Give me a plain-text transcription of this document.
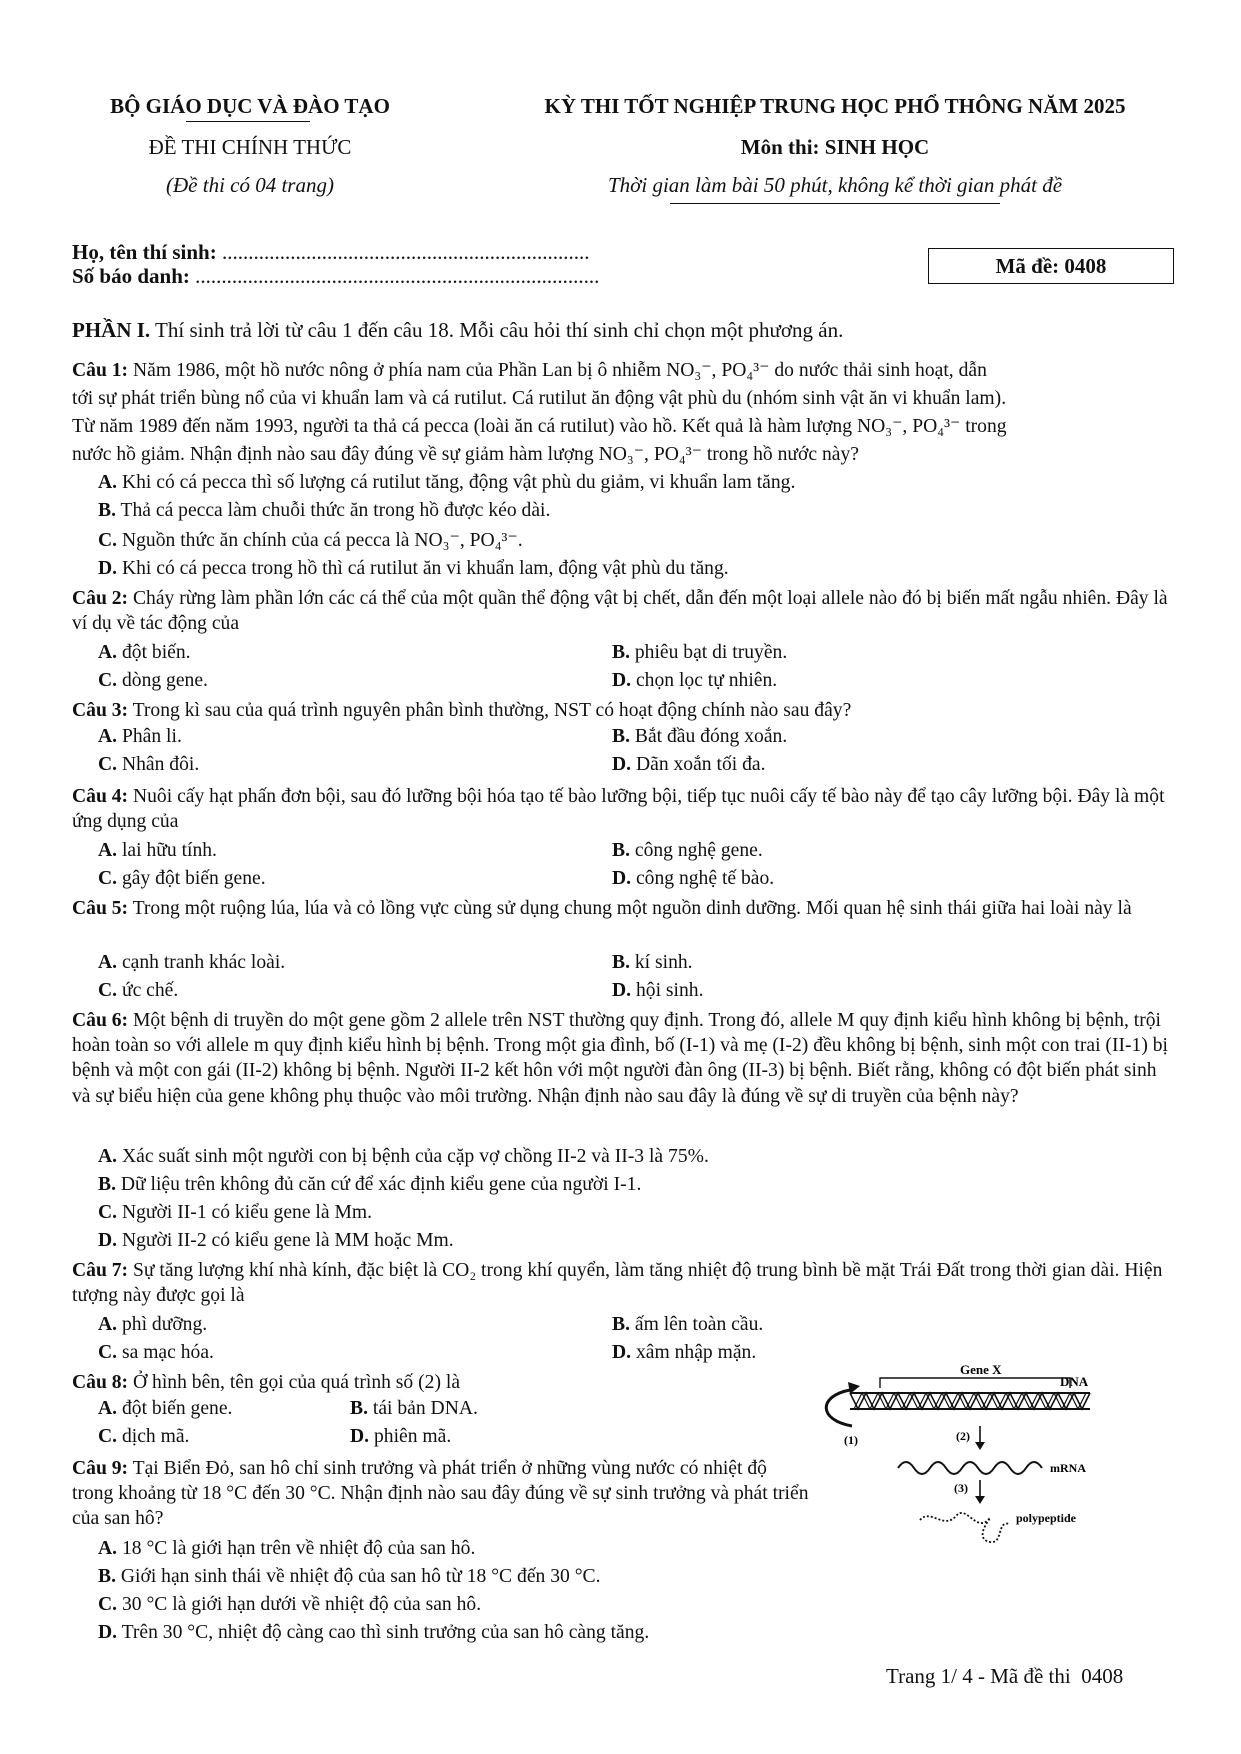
BỘ GIÁO DỤC VÀ ĐÀO TẠO
ĐỀ THI CHÍNH THỨC
(Đề thi có 04 trang)
KỲ THI TỐT NGHIỆP TRUNG HỌC PHỔ THÔNG NĂM 2025
Môn thi: SINH HỌC
Thời gian làm bài 50 phút, không kể thời gian phát đề
Họ, tên thí sinh: ......................................................................
Số báo danh: .............................................................................	Mã đề: 0408
PHẦN I. Thí sinh trả lời từ câu 1 đến câu 18. Mỗi câu hỏi thí sinh chỉ chọn một phương án.
Câu 1: Năm 1986, một hồ nước nông ở phía nam của Phần Lan bị ô nhiễm NO₃⁻, PO₄³⁻ do nước thải sinh hoạt, dẫn
tới sự phát triển bùng nổ của vi khuẩn lam và cá rutilut. Cá rutilut ăn động vật phù du (nhóm sinh vật ăn vi khuẩn lam).
Từ năm 1989 đến năm 1993, người ta thả cá pecca (loài ăn cá rutilut) vào hồ. Kết quả là hàm lượng NO₃⁻, PO₄³⁻ trong
nước hồ giảm. Nhận định nào sau đây đúng về sự giảm hàm lượng NO₃⁻, PO₄³⁻ trong hồ nước này?
A. Khi có cá pecca thì số lượng cá rutilut tăng, động vật phù du giảm, vi khuẩn lam tăng.
B. Thả cá pecca làm chuỗi thức ăn trong hồ được kéo dài.
C. Nguồn thức ăn chính của cá pecca là NO₃⁻, PO₄³⁻.
D. Khi có cá pecca trong hồ thì cá rutilut ăn vi khuẩn lam, động vật phù du tăng.
Câu 2: Cháy rừng làm phần lớn các cá thể của một quần thể động vật bị chết, dẫn đến một loại allele nào đó bị biến mất ngẫu nhiên. Đây là ví dụ về tác động của
A. đột biến.	B. phiêu bạt di truyền.
C. dòng gene.	D. chọn lọc tự nhiên.
Câu 3: Trong kì sau của quá trình nguyên phân bình thường, NST có hoạt động chính nào sau đây?
A. Phân li.	B. Bắt đầu đóng xoắn.
C. Nhân đôi.	D. Dãn xoắn tối đa.
Câu 4: Nuôi cấy hạt phấn đơn bội, sau đó lưỡng bội hóa tạo tế bào lưỡng bội, tiếp tục nuôi cấy tế bào này để tạo cây lưỡng bội. Đây là một ứng dụng của
A. lai hữu tính.	B. công nghệ gene.
C. gây đột biến gene.	D. công nghệ tế bào.
Câu 5: Trong một ruộng lúa, lúa và cỏ lồng vực cùng sử dụng chung một nguồn dinh dưỡng. Mối quan hệ sinh thái giữa hai loài này là
A. cạnh tranh khác loài.	B. kí sinh.
C. ức chế.	D. hội sinh.
Câu 6: Một bệnh di truyền do một gene gồm 2 allele trên NST thường quy định. Trong đó, allele M quy định kiểu hình không bị bệnh, trội hoàn toàn so với allele m quy định kiểu hình bị bệnh. Trong một gia đình, bố (I-1) và mẹ (I-2) đều không bị bệnh, sinh một con trai (II-1) bị bệnh và một con gái (II-2) không bị bệnh. Người II-2 kết hôn với một người đàn ông (II-3) bị bệnh. Biết rằng, không có đột biến phát sinh và sự biểu hiện của gene không phụ thuộc vào môi trường. Nhận định nào sau đây là đúng về sự di truyền của bệnh này?
A. Xác suất sinh một người con bị bệnh của cặp vợ chồng II-2 và II-3 là 75%.
B. Dữ liệu trên không đủ căn cứ để xác định kiểu gene của người I-1.
C. Người II-1 có kiểu gene là Mm.
D. Người II-2 có kiểu gene là MM hoặc Mm.
Câu 7: Sự tăng lượng khí nhà kính, đặc biệt là CO₂ trong khí quyển, làm tăng nhiệt độ trung bình bề mặt Trái Đất trong thời gian dài. Hiện tượng này được gọi là
A. phì dưỡng.	B. ấm lên toàn cầu.
C. sa mạc hóa.	D. xâm nhập mặn.
Câu 8: Ở hình bên, tên gọi của quá trình số (2) là
A. đột biến gene.	B. tái bản DNA.
C. dịch mã.	D. phiên mã.
Câu 9: Tại Biển Đỏ, san hô chỉ sinh trưởng và phát triển ở những vùng nước có nhiệt độ trong khoảng từ 18 °C đến 30 °C. Nhận định nào sau đây đúng về sự sinh trưởng và phát triển của san hô?
A. 18 °C là giới hạn trên về nhiệt độ của san hô.
B. Giới hạn sinh thái về nhiệt độ của san hô từ 18 °C đến 30 °C.
C. 30 °C là giới hạn dưới về nhiệt độ của san hô.
D. Trên 30 °C, nhiệt độ càng cao thì sinh trưởng của san hô càng tăng.
Gene X
DNA
(1)	(2)
mRNA
(3)
polypeptide
Trang 1/ 4 - Mã đề thi  0408
